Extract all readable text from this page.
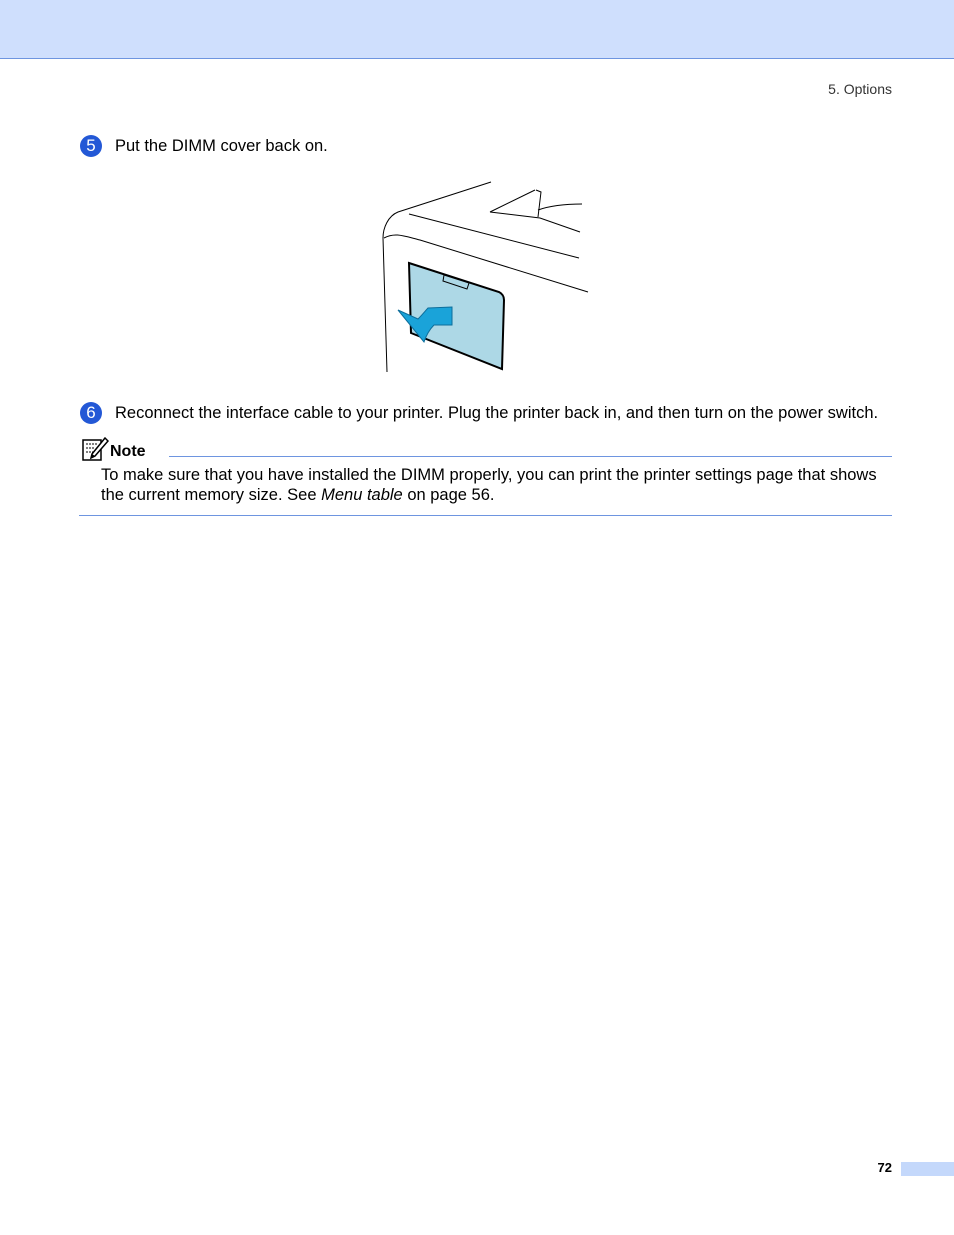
5. Options
5	Put the DIMM cover back on.
6	Reconnect the interface cable to your printer. Plug the printer back in, and then turn on the power switch.
Note
To make sure that you have installed the DIMM properly, you can print the printer settings page that shows the current memory size. See Menu table on page 56.
72
